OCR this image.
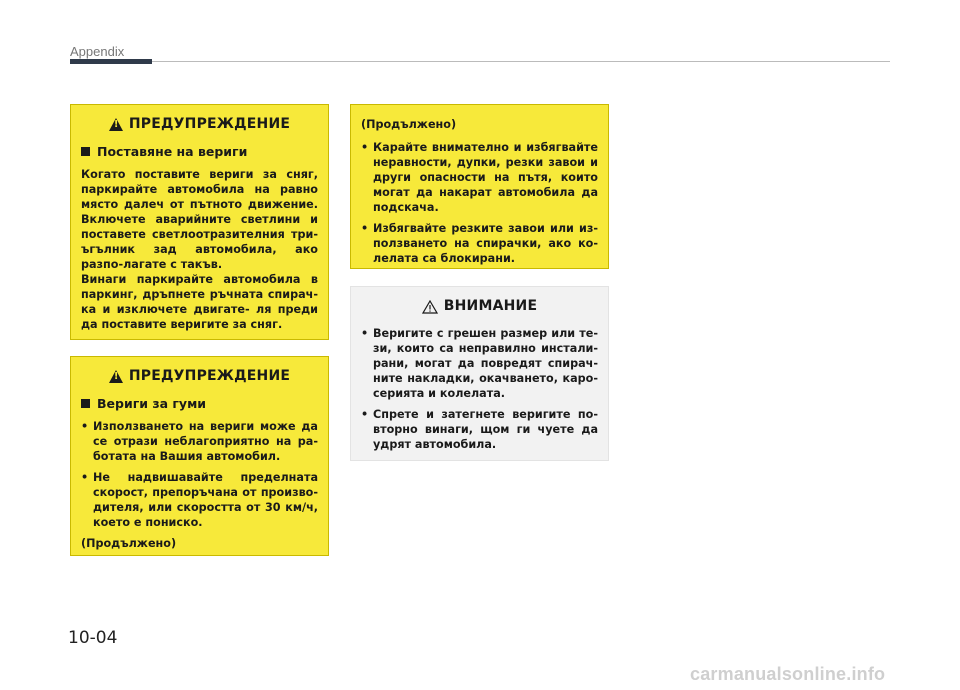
Appendix
!
ПРЕДУПРЕЖДЕНИЕ
Поставяне на вериги

Когато поставите вериги за сняг, паркирайте автомобила на равно място далеч от пътното движение. Включете аварийните светлини и поставете светлоотразителния три-ъгълник зад автомобила, ако разпо-лагате с такъв.

Винаги паркирайте автомобила в паркинг, дръпнете ръчната спирач-ка и изключете двигате- ля преди да поставите веригите за сняг.

!
ПРЕДУПРЕЖДЕНИЕ
Вериги за гуми
• Използването на вериги може да се отрази неблагоприятно на ра-ботата на Вашия автомобил.
• Не надвишавайте пределната скорост, препоръчана от произво-дителя, или скоростта от 30 км/ч, което е пониско.
(Продължено)
(Продължено)
• Карайте внимателно и избягвайте неравности, дупки, резки завои и други опасности на пътя, които могат да накарат автомобила да подскача.
• Избягвайте резките завои или из-ползването на спирачки, ако ко-лелата са блокирани.
ВНИМАНИЕ
• Веригите с грешен размер или те-зи, които са неправилно инстали-рани, могат да повредят спирач-ните накладки, окачването, каро-серията и колелата.
• Спрете и затегнете веригите по-вторно винаги, щом ги чуете да удрят автомобила.
10-04
carmanualsonline.info
